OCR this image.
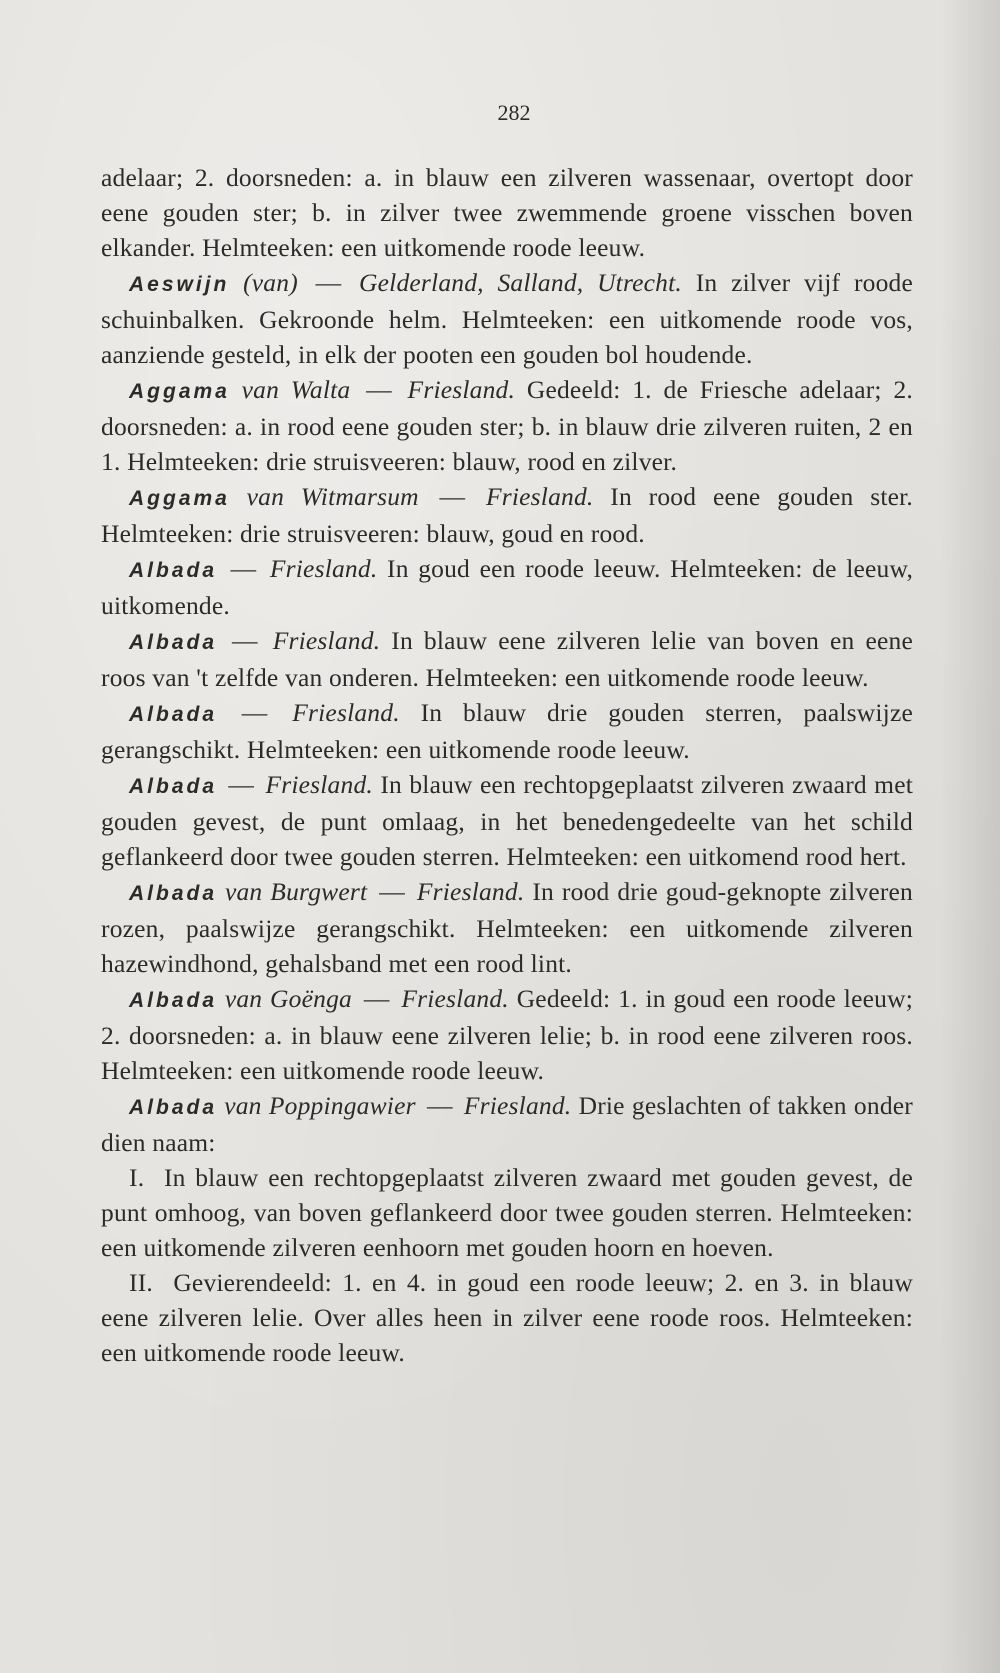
282

adelaar; 2. doorsneden: a. in blauw een zilveren wassenaar, overtopt door eene gouden ster; b. in zilver twee zwemmende groene visschen boven elkander. Helmteeken: een uitkomende roode leeuw.

Aeswijn (van) — Gelderland, Salland, Utrecht. In zilver vijf roode schuinbalken. Gekroonde helm. Helmteeken: een uitkomende roode vos, aanziende gesteld, in elk der pooten een gouden bol houdende.

Aggama van Walta — Friesland. Gedeeld: 1. de Friesche adelaar; 2. doorsneden: a. in rood eene gouden ster; b. in blauw drie zilveren ruiten, 2 en 1. Helmteeken: drie struisveeren: blauw, rood en zilver.

Aggama van Witmarsum — Friesland. In rood eene gouden ster. Helmteeken: drie struisveeren: blauw, goud en rood.

Albada — Friesland. In goud een roode leeuw. Helmteeken: de leeuw, uitkomende.

Albada — Friesland. In blauw eene zilveren lelie van boven en eene roos van 't zelfde van onderen. Helmteeken: een uitkomende roode leeuw.

Albada — Friesland. In blauw drie gouden sterren, paalswijze gerangschikt. Helmteeken: een uitkomende roode leeuw.

Albada — Friesland. In blauw een rechtopgeplaatst zilveren zwaard met gouden gevest, de punt omlaag, in het benedengedeelte van het schild geflankeerd door twee gouden sterren. Helmteeken: een uitkomend rood hert.

Albada van Burgwert — Friesland. In rood drie goud-geknopte zilveren rozen, paalswijze gerangschikt. Helmteeken: een uitkomende zilveren hazewindhond, gehalsband met een rood lint.

Albada van Goënga — Friesland. Gedeeld: 1. in goud een roode leeuw; 2. doorsneden: a. in blauw eene zilveren lelie; b. in rood eene zilveren roos. Helmteeken: een uitkomende roode leeuw.

Albada van Poppingawier — Friesland. Drie geslachten of takken onder dien naam:

I. In blauw een rechtopgeplaatst zilveren zwaard met gouden gevest, de punt omhoog, van boven geflankeerd door twee gouden sterren. Helmteeken: een uitkomende zilveren eenhoorn met gouden hoorn en hoeven.

II. Gevierendeeld: 1. en 4. in goud een roode leeuw; 2. en 3. in blauw eene zilveren lelie. Over alles heen in zilver eene roode roos. Helmteeken: een uitkomende roode leeuw.
